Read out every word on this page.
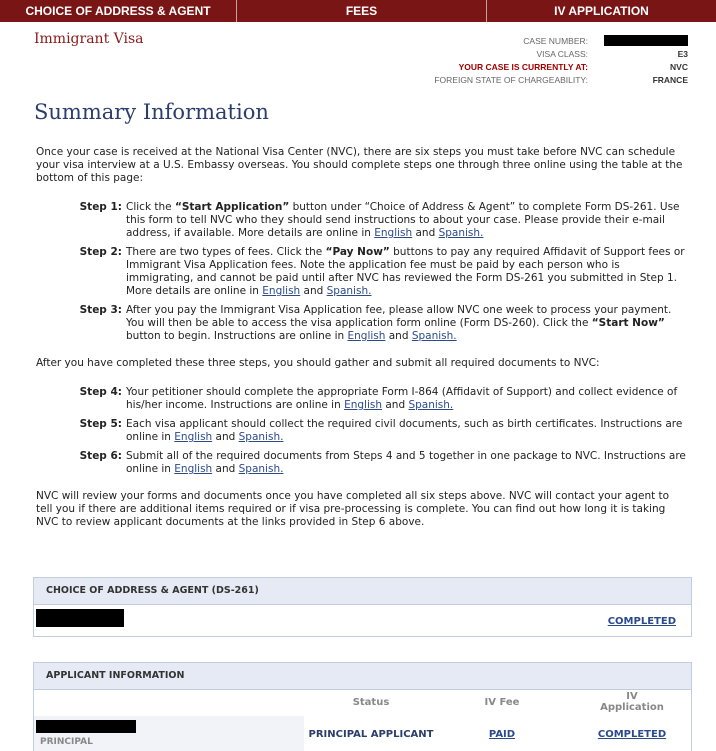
CHOICE OF ADDRESS & AGENT	FEES	IV APPLICATION
Immigrant Visa	CASE NUMBER:
VISA CLASS:	E3
YOUR CASE IS CURRENTLY AT:	NVC
FOREIGN STATE OF CHARGEABILITY:	FRANCE
Summary Information

Once your case is received at the National Visa Center (NVC), there are six steps you must take before NVC can schedule your visa interview at a U.S. Embassy overseas. You should complete steps one through three online using the table at the bottom of this page:

Step 1: Click the “Start Application” button under “Choice of Address & Agent” to complete Form DS-261. Use this form to tell NVC who they should send instructions to about your case. Please provide their e-mail address, if available. More details are online in English and Spanish.
Step 2: There are two types of fees. Click the “Pay Now” buttons to pay any required Affidavit of Support fees or Immigrant Visa Application fees. Note the application fee must be paid by each person who is immigrating, and cannot be paid until after NVC has reviewed the Form DS-261 you submitted in Step 1. More details are online in English and Spanish.
Step 3: After you pay the Immigrant Visa Application fee, please allow NVC one week to process your payment. You will then be able to access the visa application form online (Form DS-260). Click the “Start Now” button to begin. Instructions are online in English and Spanish.

After you have completed these three steps, you should gather and submit all required documents to NVC:

Step 4: Your petitioner should complete the appropriate Form I-864 (Affidavit of Support) and collect evidence of his/her income. Instructions are online in English and Spanish.
Step 5: Each visa applicant should collect the required civil documents, such as birth certificates. Instructions are online in English and Spanish.
Step 6: Submit all of the required documents from Steps 4 and 5 together in one package to NVC. Instructions are online in English and Spanish.

NVC will review your forms and documents once you have completed all six steps above. NVC will contact your agent to tell you if there are additional items required or if visa pre-processing is complete. You can find out how long it is taking NVC to review applicant documents at the links provided in Step 6 above.

CHOICE OF ADDRESS & AGENT (DS-261)
COMPLETED
APPLICANT INFORMATION
Status	IV Fee
IV
Application
PRINCIPAL
PRINCIPAL APPLICANT	PAID	COMPLETED
